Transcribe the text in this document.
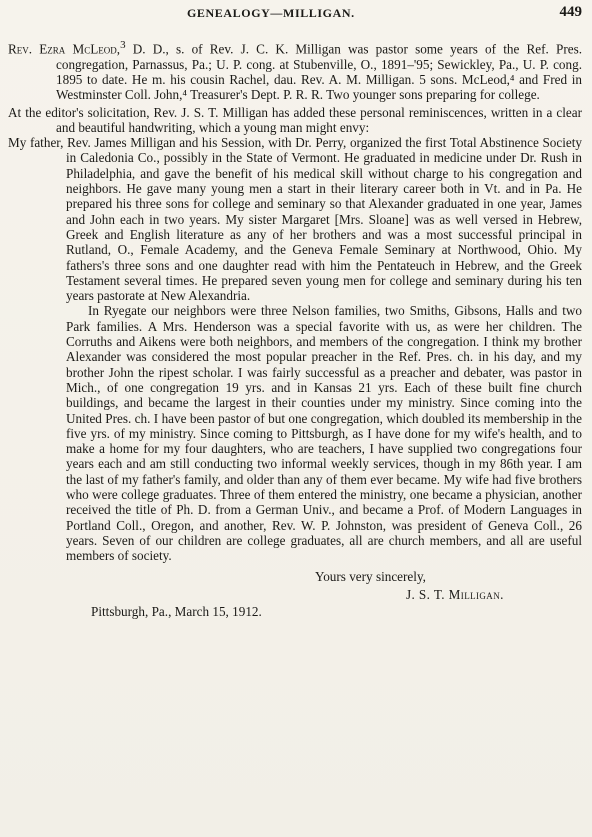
GENEALOGY—MILLIGAN.	449

Rev. Ezra McLeod,$^3$ D. D., s. of Rev. J. C. K. Milligan was pastor some years of the Ref. Pres. congregation, Parnassus, Pa.; U. P. cong. at Stubenville, O., 1891–'95; Sewickley, Pa., U. P. cong. 1895 to date. He m. his cousin Rachel, dau. Rev. A. M. Milligan. 5 sons. McLeod,⁴ and Fred in Westminster Coll. John,⁴ Treasurer's Dept. P. R. R. Two younger sons preparing for college.

At the editor's solicitation, Rev. J. S. T. Milligan has added these personal reminiscences, written in a clear and beautiful handwriting, which a young man might envy:

My father, Rev. James Milligan and his Session, with Dr. Perry, organized the first Total Abstinence Society in Caledonia Co., possibly in the State of Vermont. He graduated in medicine under Dr. Rush in Philadelphia, and gave the benefit of his medical skill without charge to his congregation and neighbors. He gave many young men a start in their literary career both in Vt. and in Pa. He prepared his three sons for college and seminary so that Alexander graduated in one year, James and John each in two years. My sister Margaret [Mrs. Sloane] was as well versed in Hebrew, Greek and English literature as any of her brothers and was a most successful principal in Rutland, O., Female Academy, and the Geneva Female Seminary at Northwood, Ohio. My fathers's three sons and one daughter read with him the Pentateuch in Hebrew, and the Greek Testament several times. He prepared seven young men for college and seminary during his ten years pastorate at New Alexandria.

In Ryegate our neighbors were three Nelson families, two Smiths, Gibsons, Halls and two Park families. A Mrs. Henderson was a special favorite with us, as were her children. The Corruths and Aikens were both neighbors, and members of the congregation. I think my brother Alexander was considered the most popular preacher in the Ref. Pres. ch. in his day, and my brother John the ripest scholar. I was fairly successful as a preacher and debater, was pastor in Mich., of one congregation 19 yrs. and in Kansas 21 yrs. Each of these built fine church buildings, and became the largest in their counties under my ministry. Since coming into the United Pres. ch. I have been pastor of but one congregation, which doubled its membership in the five yrs. of my ministry. Since coming to Pittsburgh, as I have done for my wife's health, and to make a home for my four daughters, who are teachers, I have supplied two congregations four years each and am still conducting two informal weekly services, though in my 86th year. I am the last of my father's family, and older than any of them ever became. My wife had five brothers who were college graduates. Three of them entered the ministry, one became a physician, another received the title of Ph. D. from a German Univ., and became a Prof. of Modern Languages in Portland Coll., Oregon, and another, Rev. W. P. Johnston, was president of Geneva Coll., 26 years. Seven of our children are college graduates, all are church members, and all are useful members of society.

Yours very sincerely,

J. S. T. Milligan.

Pittsburgh, Pa., March 15, 1912.
